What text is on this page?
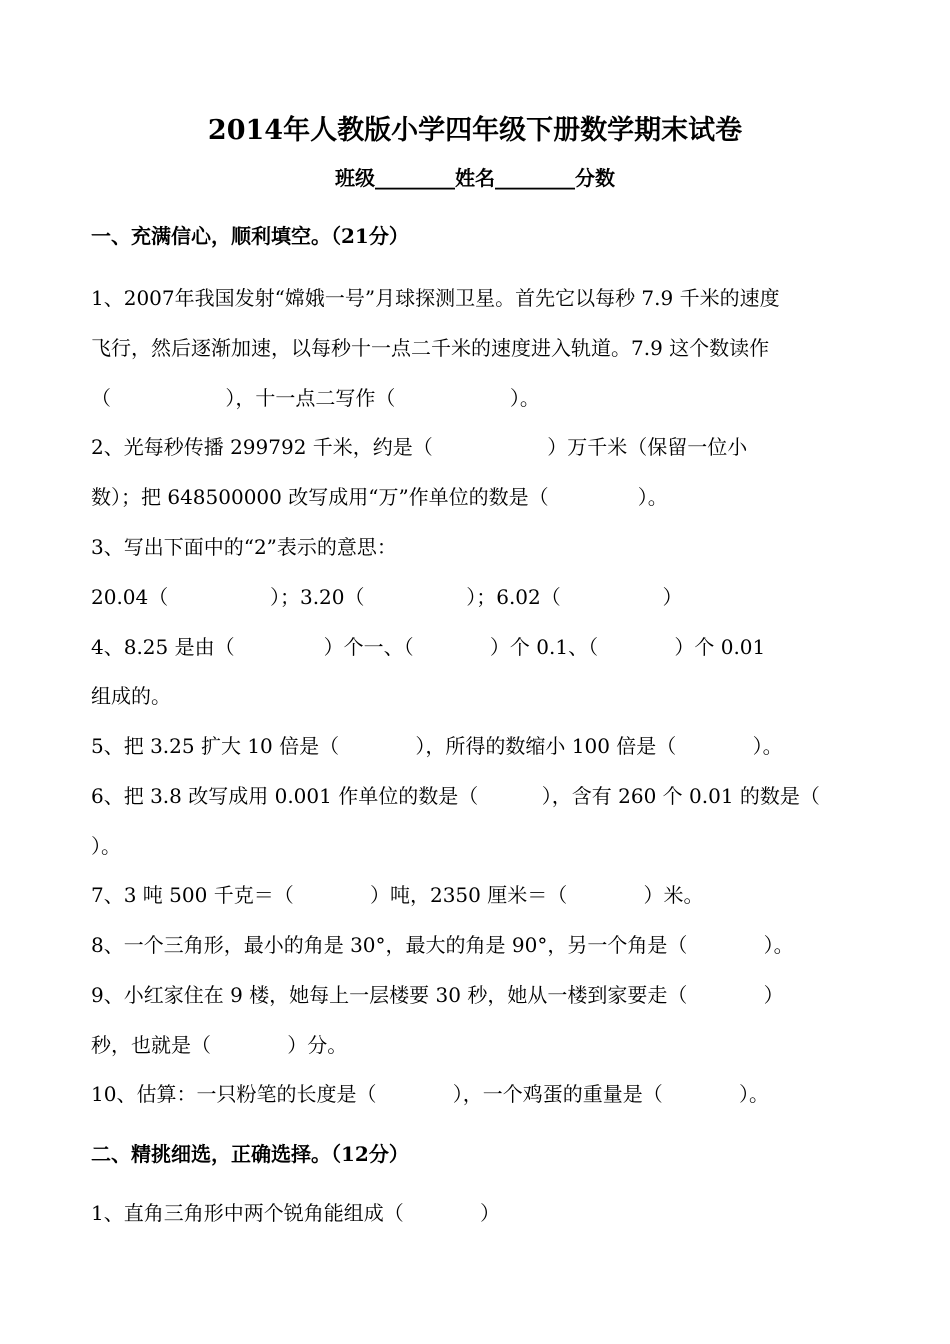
2014年人教版小学四年级下册数学期末试卷
班级________姓名________分数
一、充满信心，顺利填空。（21分）
1、2007年我国发射“嫦娥一号”月球探测卫星。首先它以每秒 7.9 千米的速度
飞行，然后逐渐加速，以每秒十一点二千米的速度进入轨道。7.9 这个数读作
（                  ），十一点二写作（                  ）。
2、光每秒传播 299792 千米，约是（                  ）万千米（保留一位小
数）；把 648500000 改写成用“万”作单位的数是（              ）。
3、写出下面中的“2”表示的意思：
20.04（                ）；3.20（                ）；6.02（                ）
4、8.25 是由（              ）个一、（            ）个 0.1、（            ）个 0.01
组成的。
5、把 3.25 扩大 10 倍是（            ），所得的数缩小 100 倍是（            ）。
6、把 3.8 改写成用 0.001 作单位的数是（          ），含有 260 个 0.01 的数是（
）。
7、3 吨 500 千克＝（            ）吨，2350 厘米＝（            ）米。
8、一个三角形，最小的角是 30°，最大的角是 90°，另一个角是（            ）。
9、小红家住在 9 楼，她每上一层楼要 30 秒，她从一楼到家要走（            ）
秒，也就是（            ）分。
10、估算：一只粉笔的长度是（            ），一个鸡蛋的重量是（            ）。
二、精挑细选，正确选择。（12分）
1、直角三角形中两个锐角能组成（            ）
